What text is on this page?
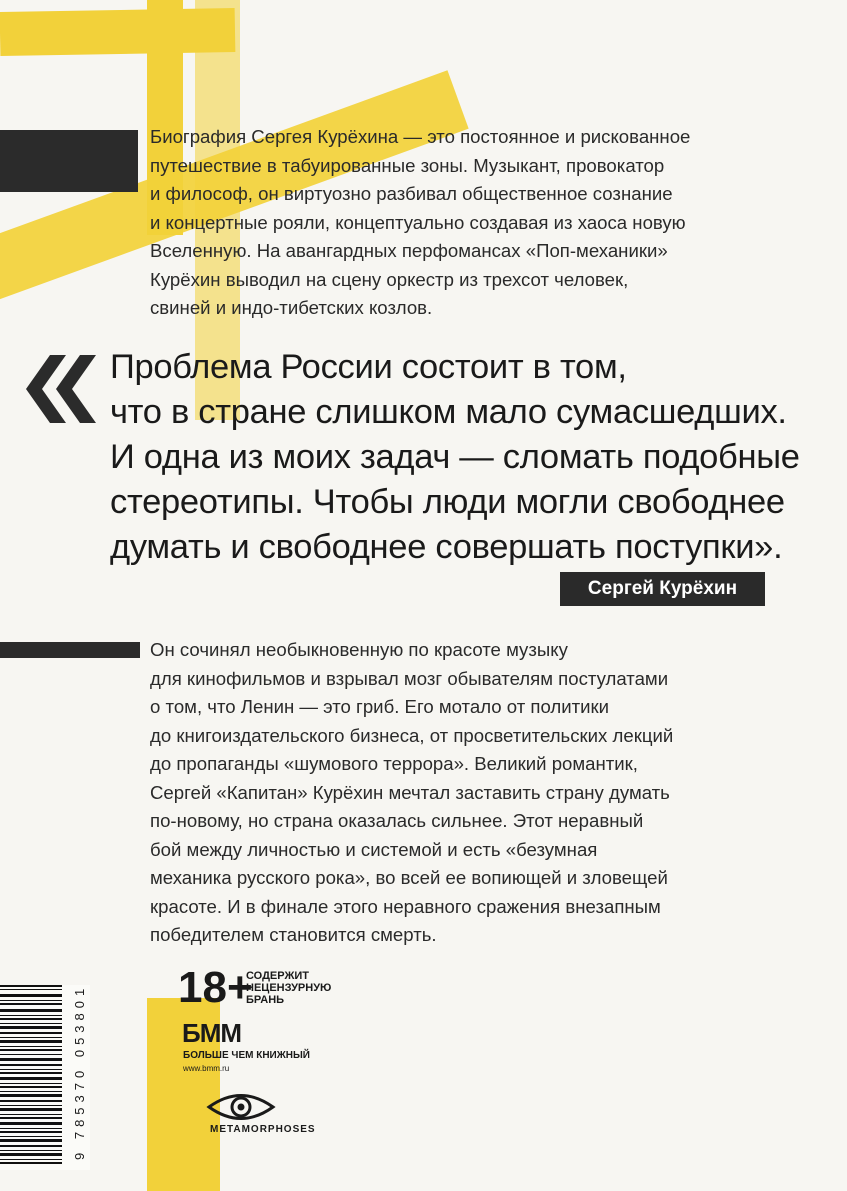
Биография Сергея Курёхина — это постоянное и рискованное
путешествие в табуированные зоны. Музыкант, провокатор
и философ, он виртуозно разбивал общественное сознание
и концертные рояли, концептуально создавая из хаоса новую
Вселенную. На авангардных перфомансах «Поп-механики»
Курёхин выводил на сцену оркестр из трехсот человек,
свиней и индо-тибетских козлов.
Проблема России состоит в том,
что в стране слишком мало сумасшедших.
И одна из моих задач — сломать подобные
стереотипы. Чтобы люди могли свободнее
думать и свободнее совершать поступки».
Сергей Курёхин
Он сочинял необыкновенную по красоте музыку
для кинофильмов и взрывал мозг обывателям постулатами
о том, что Ленин — это гриб. Его мотало от политики
до книгоиздательского бизнеса, от просветительских лекций
до пропаганды «шумового террора». Великий романтик,
Сергей «Капитан» Курёхин мечтал заставить страну думать
по-новому, но страна оказалась сильнее. Этот неравный
бой между личностью и системой и есть «безумная
механика русского рока», во всей ее вопиющей и зловещей
красоте. И в финале этого неравного сражения внезапным
победителем становится смерть.
18+
СОДЕРЖИТ
НЕЦЕНЗУРНУЮ
БРАНЬ
БММ
БОЛЬШЕ ЧЕМ КНИЖНЫЙ
www.bmm.ru
METAMORPHOSES
9 785370 053801
